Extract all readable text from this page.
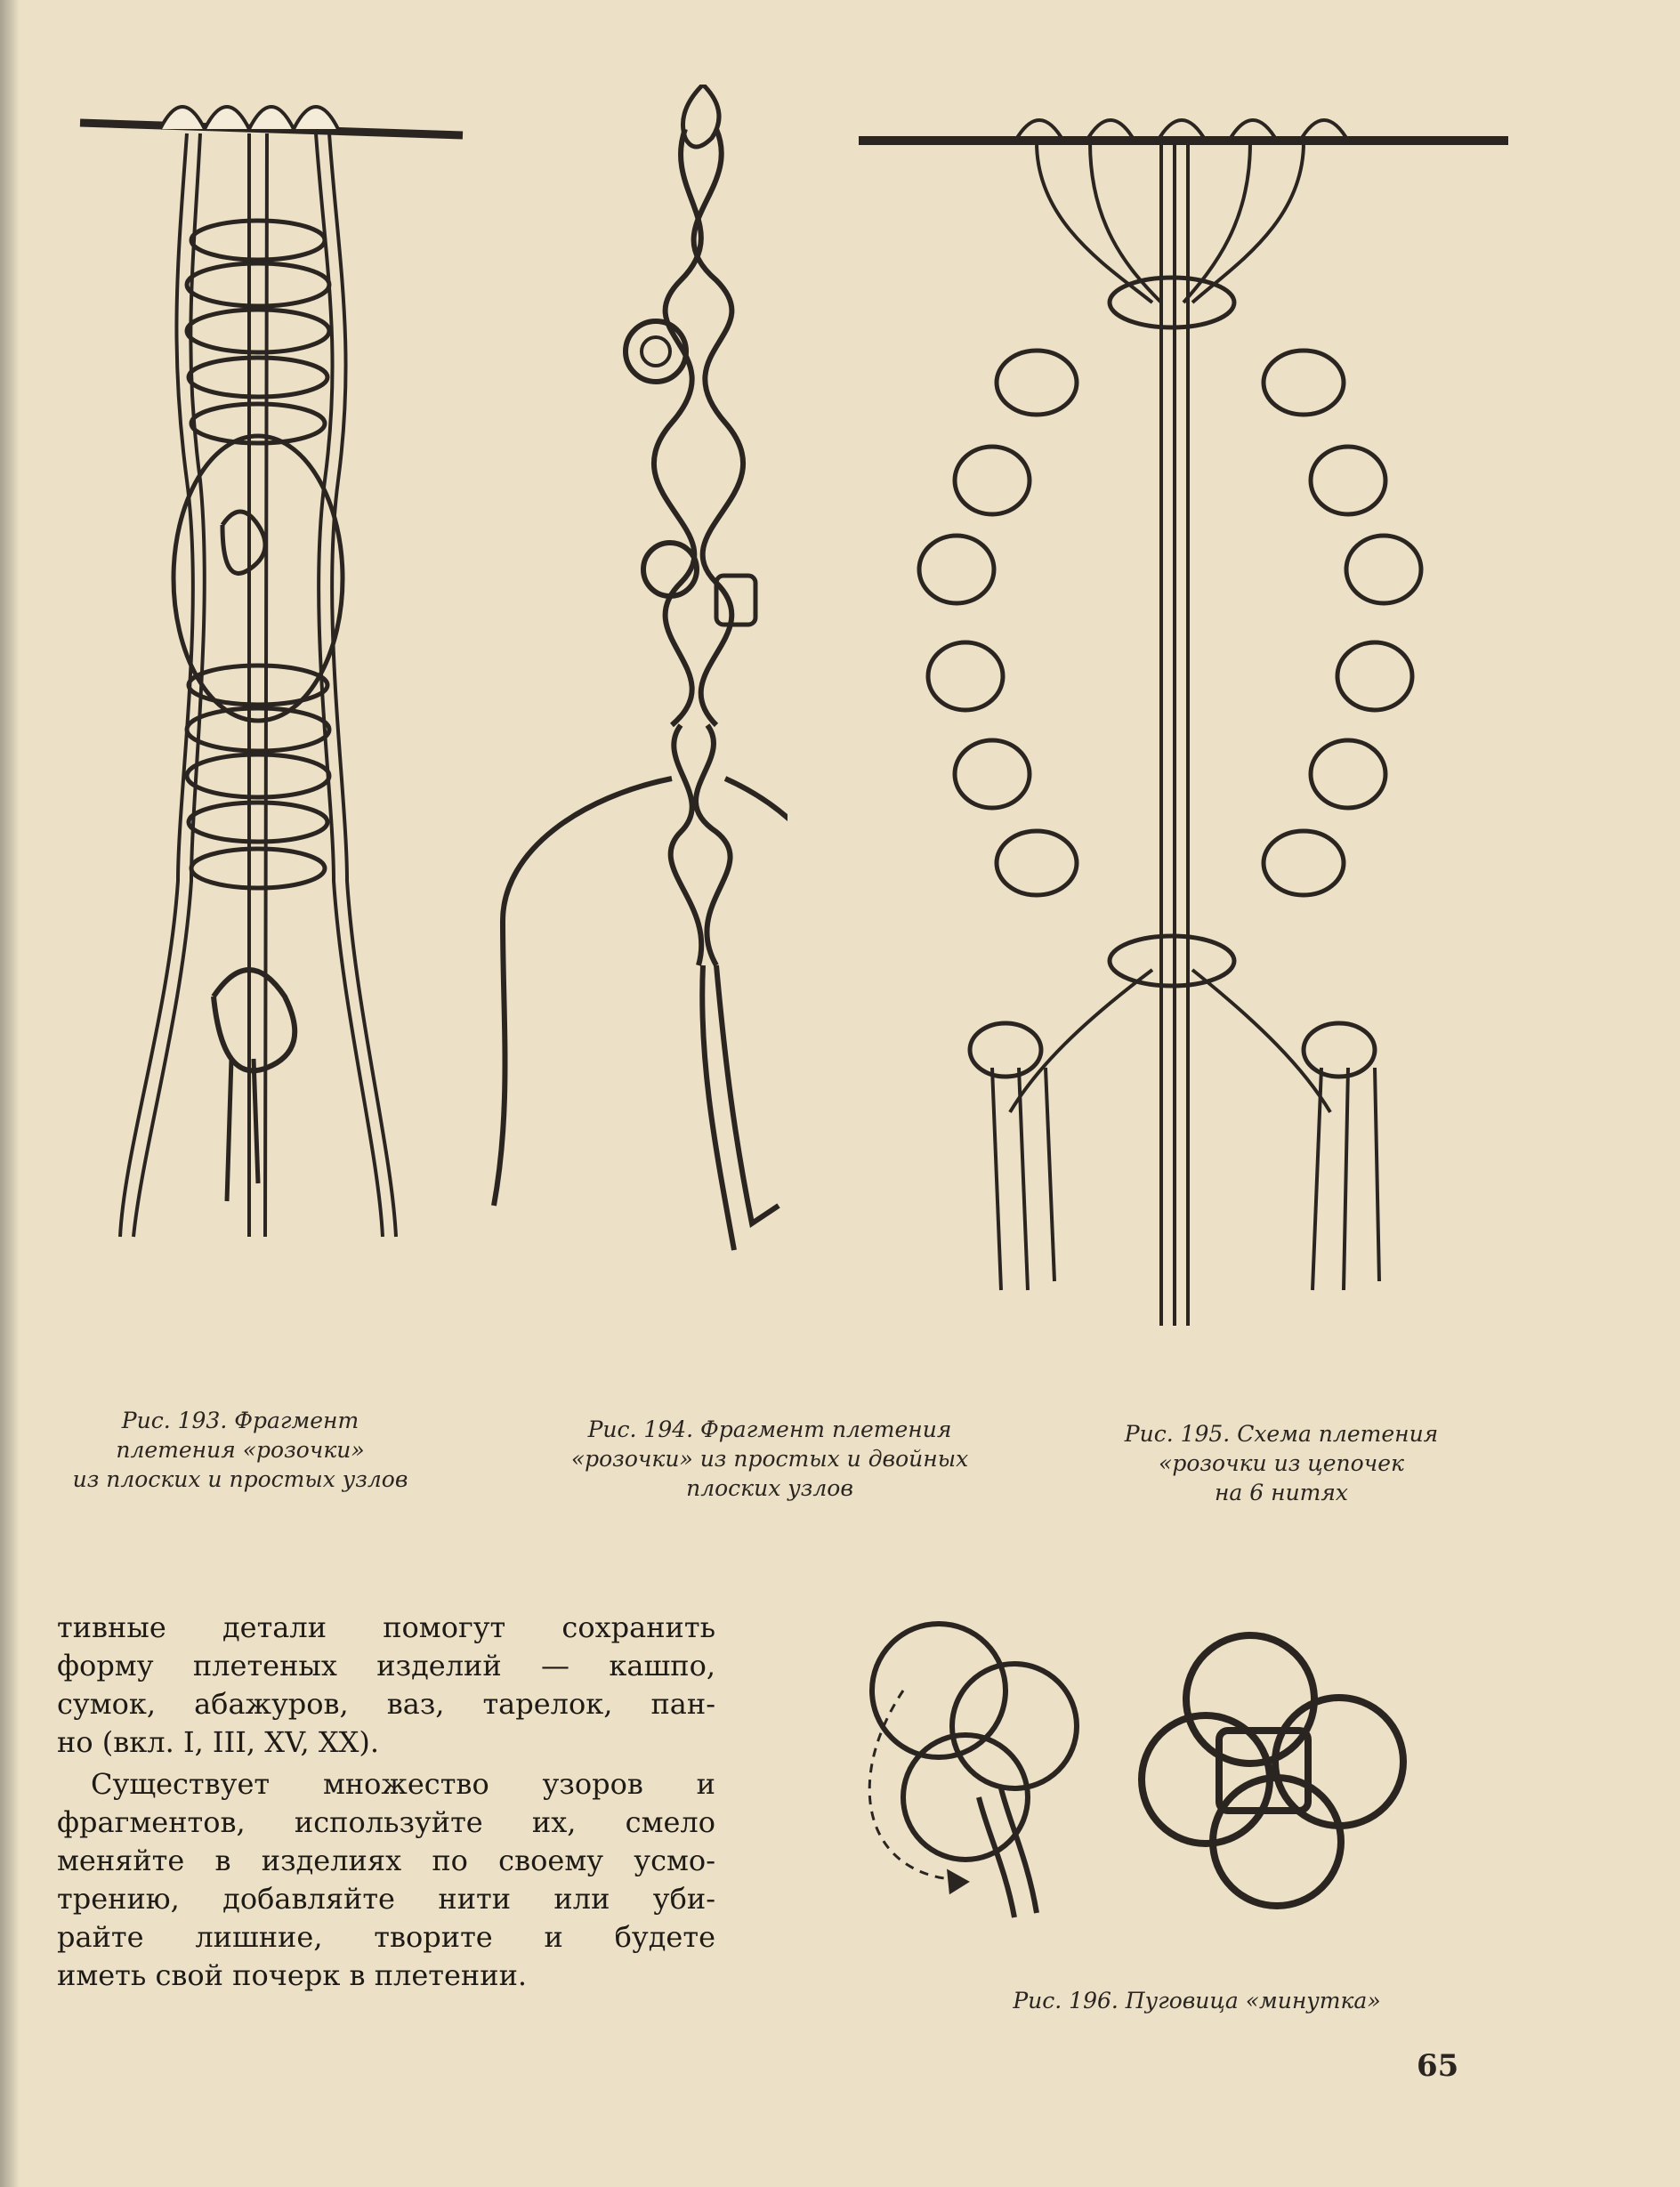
Рис. 193. Фрагмент
плетения «розочки»
из плоских и простых узлов
Рис. 194. Фрагмент плетения
«розочки» из простых и двойных
плоских узлов
Рис. 195. Схема плетения
«розочки из цепочек
на 6 нитях
Рис. 196. Пуговица «минутка»

тивные детали помогут сохранить
форму плетеных изделий — кашпо,
сумок, абажуров, ваз, тарелок, пан-
но (вкл. I, III, XV, XX).

Существует множество узоров и
фрагментов, используйте их, смело
меняйте в изделиях по своему усмо-
трению, добавляйте нити или уби-
райте лишние, творите и будете
иметь свой почерк в плетении.

65
